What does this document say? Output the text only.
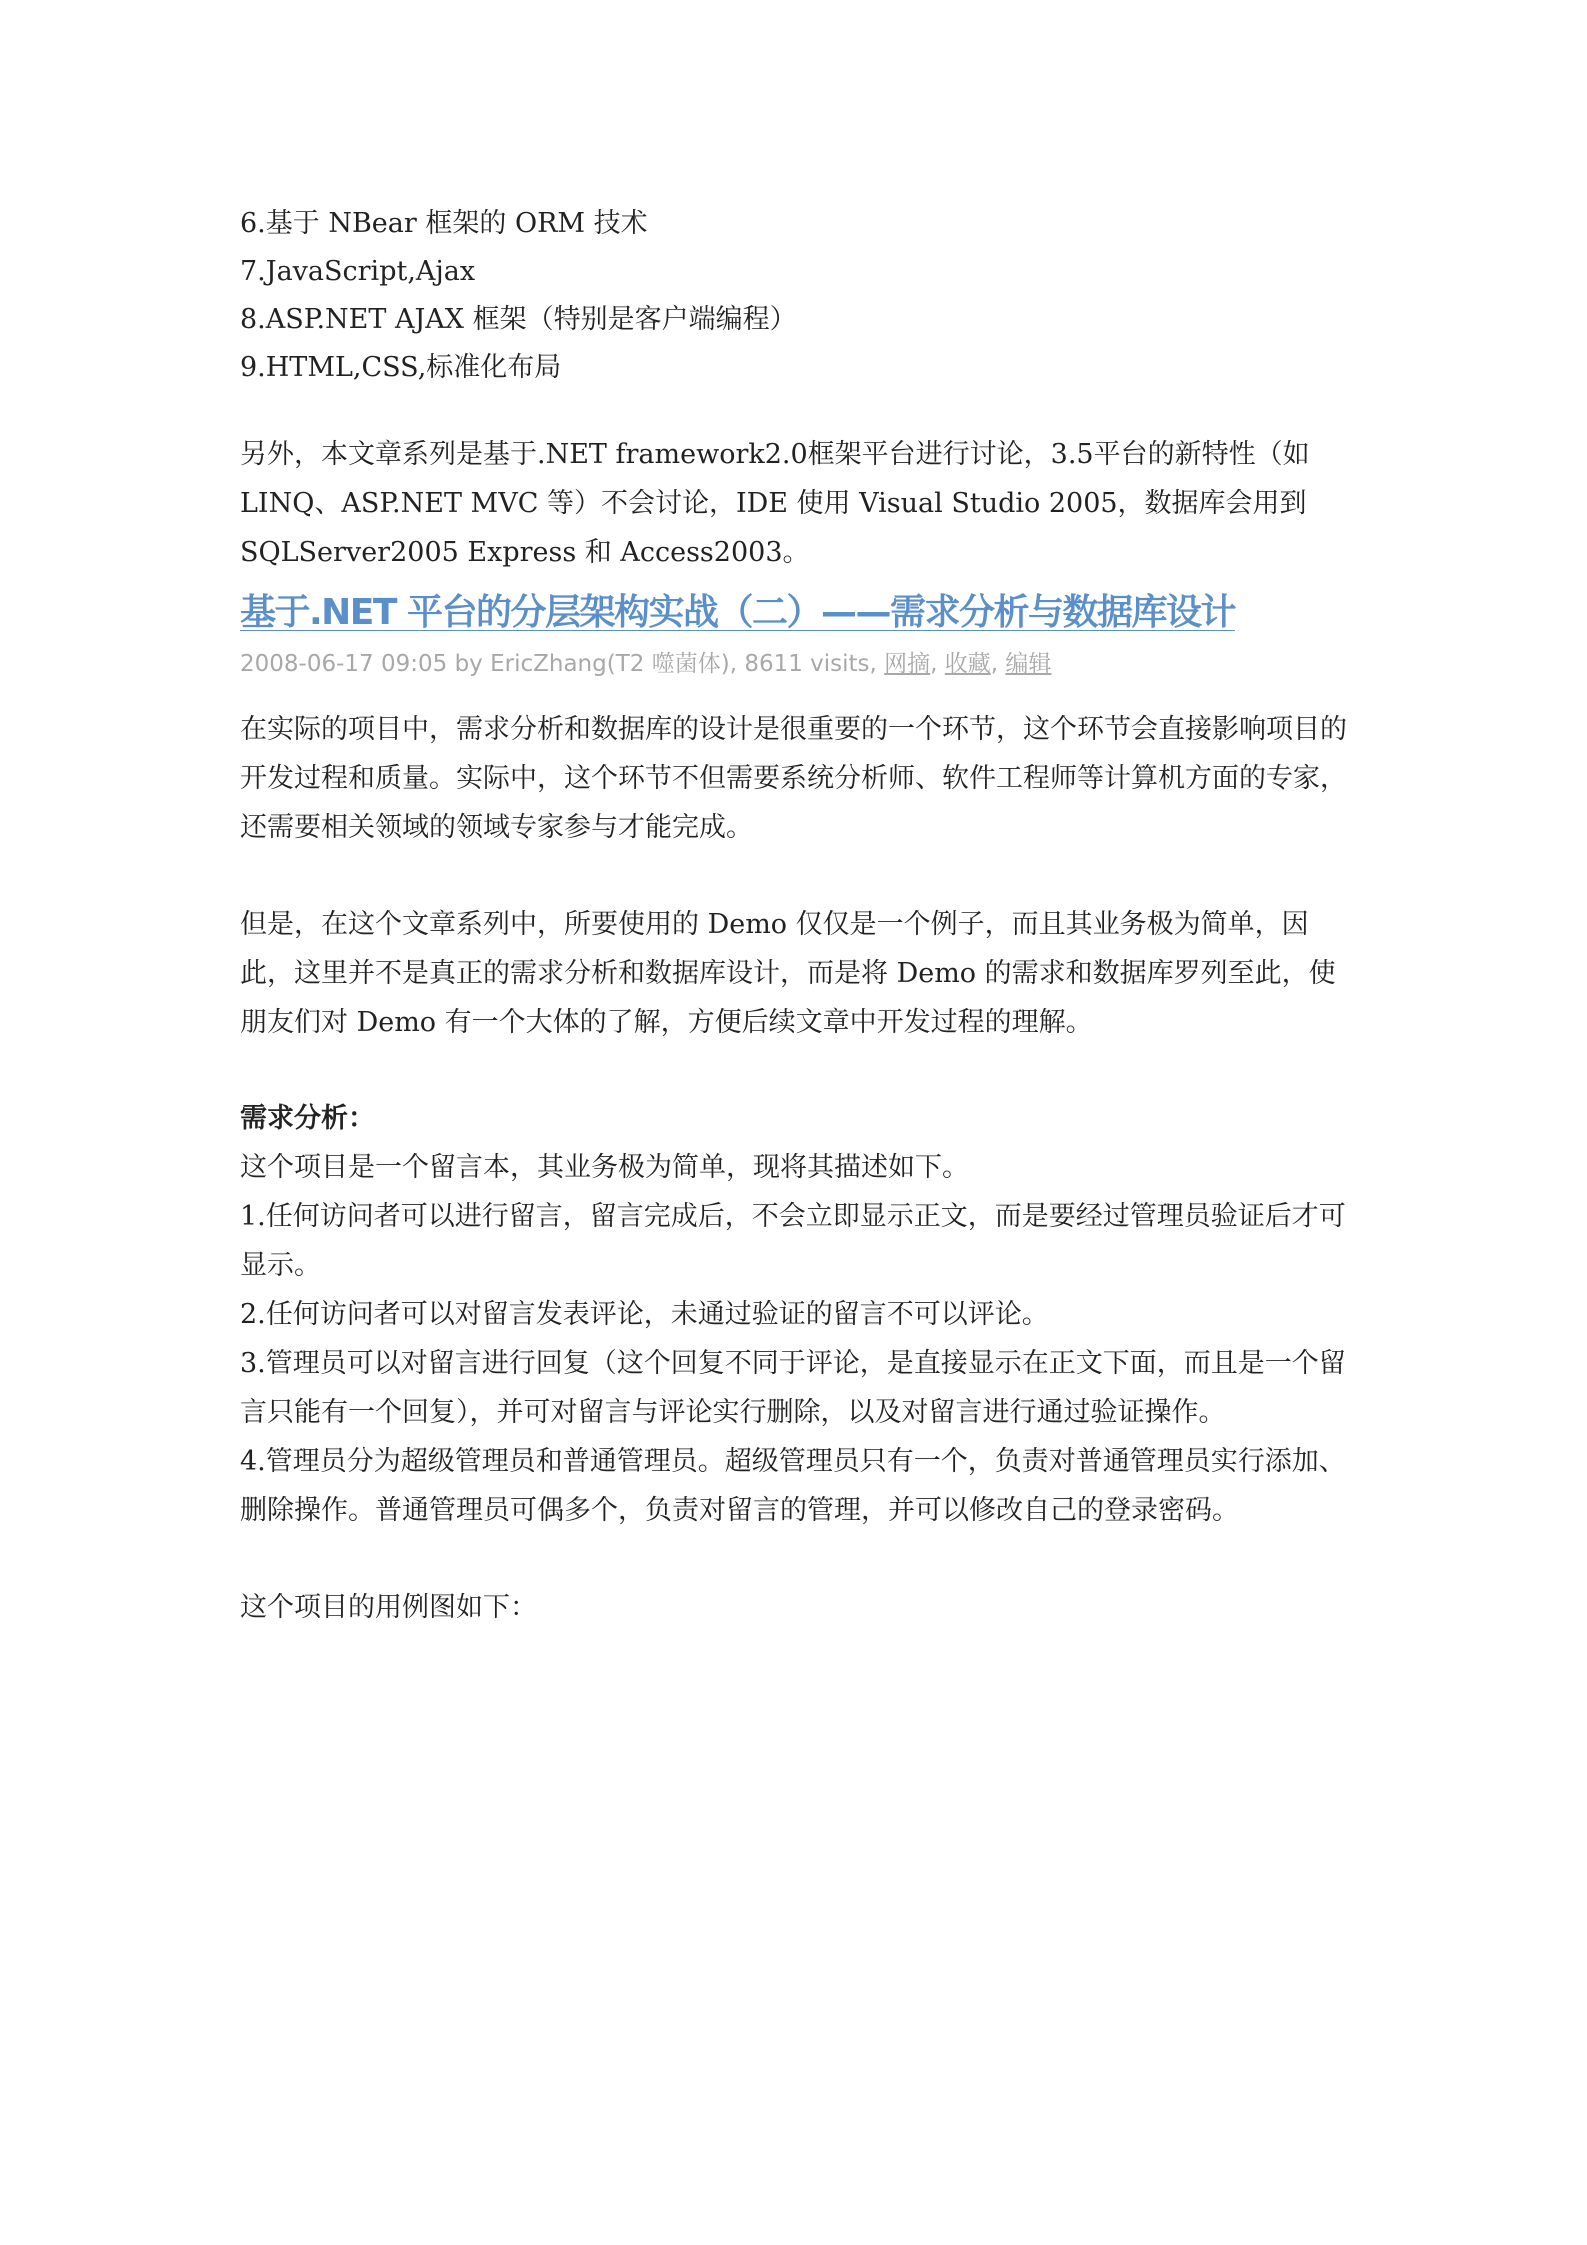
6.基于 NBear 框架的 ORM 技术

7.JavaScript,Ajax

8.ASP.NET AJAX 框架（特别是客户端编程）

9.HTML,CSS,标准化布局

另外，本文章系列是基于.NET framework2.0框架平台进行讨论，3.5平台的新特性（如LINQ、ASP.NET MVC 等）不会讨论，IDE 使用 Visual Studio 2005，数据库会用到 SQLServer2005 Express 和 Access2003。

基于.NET 平台的分层架构实战（二）——需求分析与数据库设计

2008-06-17 09:05 by EricZhang(T2 噬菌体), 8611 visits, 网摘, 收藏, 编辑

在实际的项目中，需求分析和数据库的设计是很重要的一个环节，这个环节会直接影响项目的开发过程和质量。实际中，这个环节不但需要系统分析师、软件工程师等计算机方面的专家，还需要相关领域的领域专家参与才能完成。

但是，在这个文章系列中，所要使用的 Demo 仅仅是一个例子，而且其业务极为简单，因此，这里并不是真正的需求分析和数据库设计，而是将 Demo 的需求和数据库罗列至此，使朋友们对 Demo 有一个大体的了解，方便后续文章中开发过程的理解。

需求分析：

这个项目是一个留言本，其业务极为简单，现将其描述如下。

1.任何访问者可以进行留言，留言完成后，不会立即显示正文，而是要经过管理员验证后才可显示。

2.任何访问者可以对留言发表评论，未通过验证的留言不可以评论。

3.管理员可以对留言进行回复（这个回复不同于评论，是直接显示在正文下面，而且是一个留言只能有一个回复），并可对留言与评论实行删除，以及对留言进行通过验证操作。

4.管理员分为超级管理员和普通管理员。超级管理员只有一个，负责对普通管理员实行添加、删除操作。普通管理员可偶多个，负责对留言的管理，并可以修改自己的登录密码。

这个项目的用例图如下：
